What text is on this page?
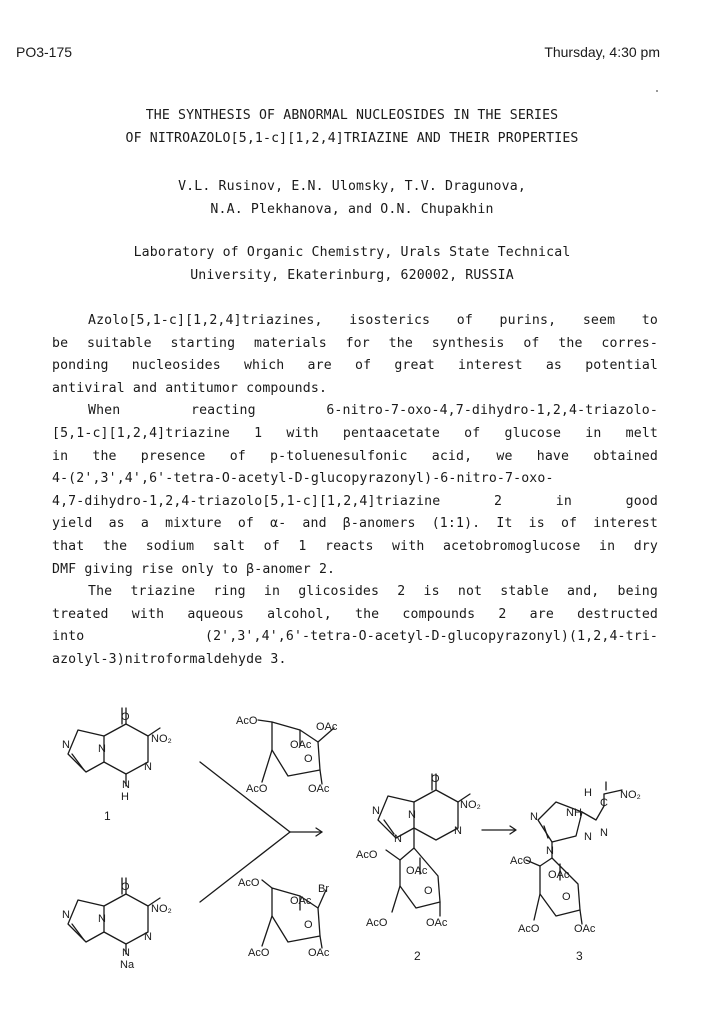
PO3-175	Thursday, 4:30 pm
THE SYNTHESIS OF ABNORMAL NUCLEOSIDES IN THE SERIES
OF NITROAZOLO[5,1-c][1,2,4]TRIAZINE AND THEIR PROPERTIES
V.L. Rusinov, E.N. Ulomsky, T.V. Dragunova,
N.A. Plekhanova, and O.N. Chupakhin
Laboratory of Organic Chemistry, Urals State Technical
University, Ekaterinburg, 620002, RUSSIA
Azolo[5,1-c][1,2,4]triazines, isosterics of purins, seem to
be suitable starting materials for the synthesis of the corres-
ponding nucleosides which are of great interest as potential
antiviral and antitumor compounds.
When reacting 6-nitro-7-oxo-4,7-dihydro-1,2,4-triazolo-
[5,1-c][1,2,4]triazine 1 with pentaacetate of glucose in melt
in the presence of p-toluenesulfonic acid, we have obtained
4-(2',3',4',6'-tetra-O-acetyl-D-glucopyrazonyl)-6-nitro-7-oxo-
4,7-dihydro-1,2,4-triazolo[5,1-c][1,2,4]triazine 2 in good
yield as a mixture of α- and β-anomers (1:1). It is of interest
that the sodium salt of 1 reacts with acetobromoglucose in dry
DMF giving rise only to β-anomer 2.
The triazine ring in glicosides 2 is not stable and, being
treated with aqueous alcohol, the compounds 2 are destructed
into (2',3',4',6'-tetra-O-acetyl-D-glucopyrazonyl)(1,2,4-tri-
azolyl-3)nitroformaldehyde 3.
O
NO₂
N	N
N
N
H
1
O
NO₂
N	N
N
N
Na
AcO	OAc
OAc
O
AcO	OAc
AcO	Br
OAc
O
AcO	OAc
O
NO₂
N	N
N
N
AcO
OAc
O
AcO	OAc
2
H	NO₂
C
N	NH
N
N
N
AcO
OAc
O
AcO	OAc
3
